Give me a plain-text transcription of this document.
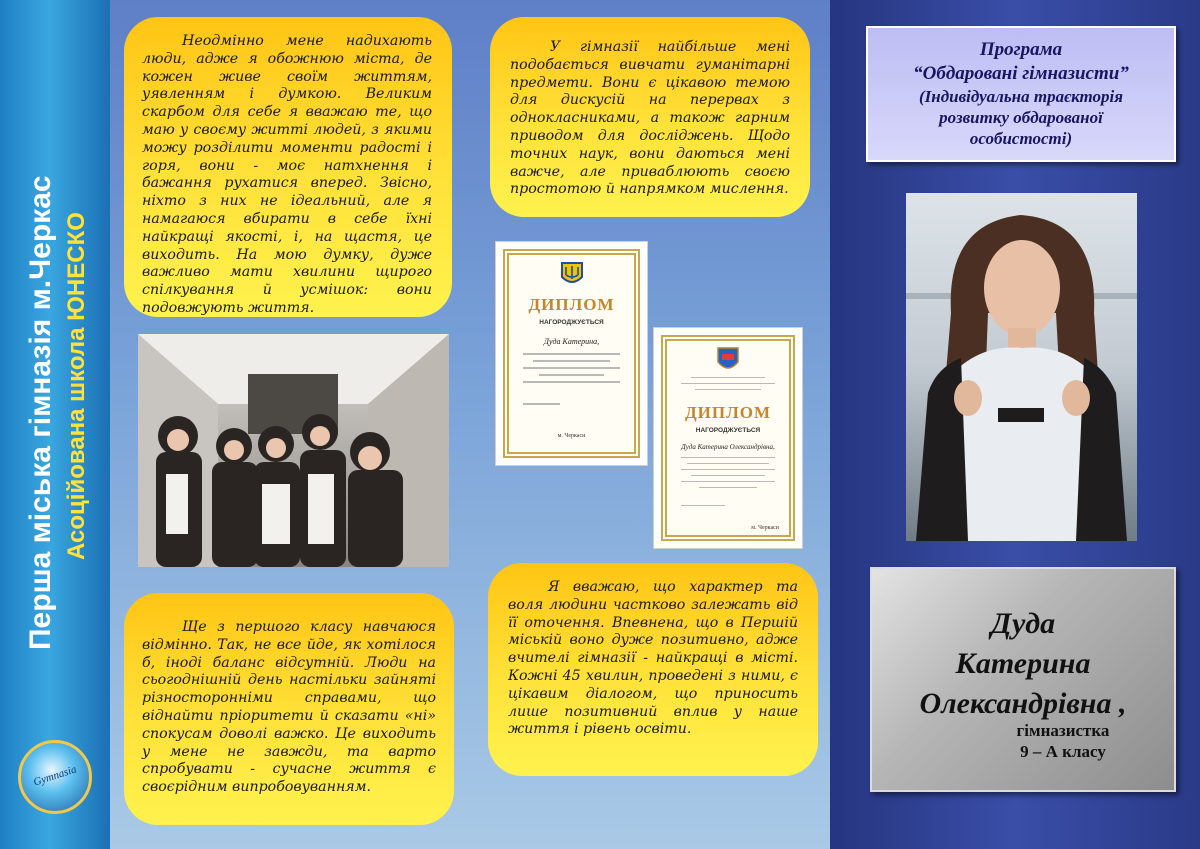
Перша міська гімназія м.Черкас Асоційована школа ЮНЕСКО
Gymnasia

Неодмінно мене надихають люди, адже я обожнюю міста, де кожен живе своїм життям, уявленням і думкою. Великим скарбом для себе я вважаю те, що маю у своєму житті людей, з якими можу розділити моменти радості і горя, вони - моє натхнення і бажання рухатися вперед. Звісно, ніхто з них не ідеальний, але я намагаюся вбирати в себе їхні найкращі якості, і, на щастя, це виходить. На мою думку, дуже важливо мати хвилини щирого спілкування й усмішок: вони подовжують життя.

У гімназії найбільше мені подобається вивчати гуманітарні предмети. Вони є цікавою темою для дискусій на перервах з однокласниками, а також гарним приводом для досліджень. Щодо точних наук, вони даються мені важче, але приваблюють своєю простотою й напрямком мислення.

Ще з першого класу навчаюся відмінно. Так, не все йде, як хотілося б, іноді баланс відсутній. Люди на сьогоднішній день настільки зайняті різносторонніми справами, що віднайти пріоритети й сказати «ні» спокусам доволі важко. Це виходить у мене не завжди, та варто спробувати - сучасне життя є своєрідним випробовуванням.

Я вважаю, що характер та воля людини частково залежать від її оточення. Впевнена, що в Першій міській воно дуже позитивно, адже вчителі гімназії - найкращі в місті. Кожні 45 хвилин, проведені з ними, є цікавим діалогом, що приносить лише позитивний вплив у наше життя і рівень освіти.

ДИПЛОМ
НАГОРОДЖУЄТЬСЯ
Дуда Катерина,
м. Черкаси
ДИПЛОМ
НАГОРОДЖУЄТЬСЯ
Дуда Катерина Олександрівна,
м. Черкаси
Програма
“Обдаровані гімназисти”
(Індивідуальна траєкторія
розвитку обдарованої
особистості)
Дуда
Катерина
Олександрівна ,
гімназистка
9 – А класу
